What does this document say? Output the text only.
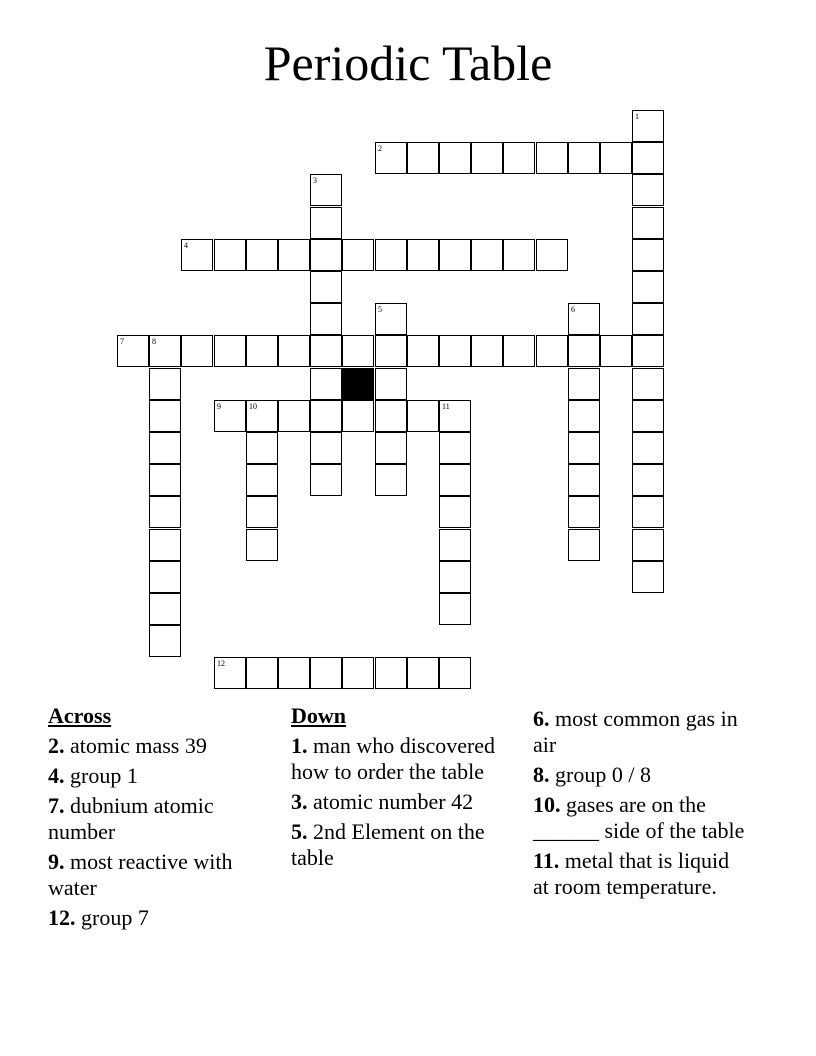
Periodic Table
1
2
3
4
5	6
7	8
9	10	11
12
Across
2. atomic mass 39
4. group 1
7. dubnium atomic number
9. most reactive with water
12. group 7
Down
1. man who discovered how to order the table
3. atomic number 42
5. 2nd Element on the table
6. most common gas in air
8. group 0 / 8
10. gases are on the ______ side of the table
11. metal that is liquid at room temperature.
